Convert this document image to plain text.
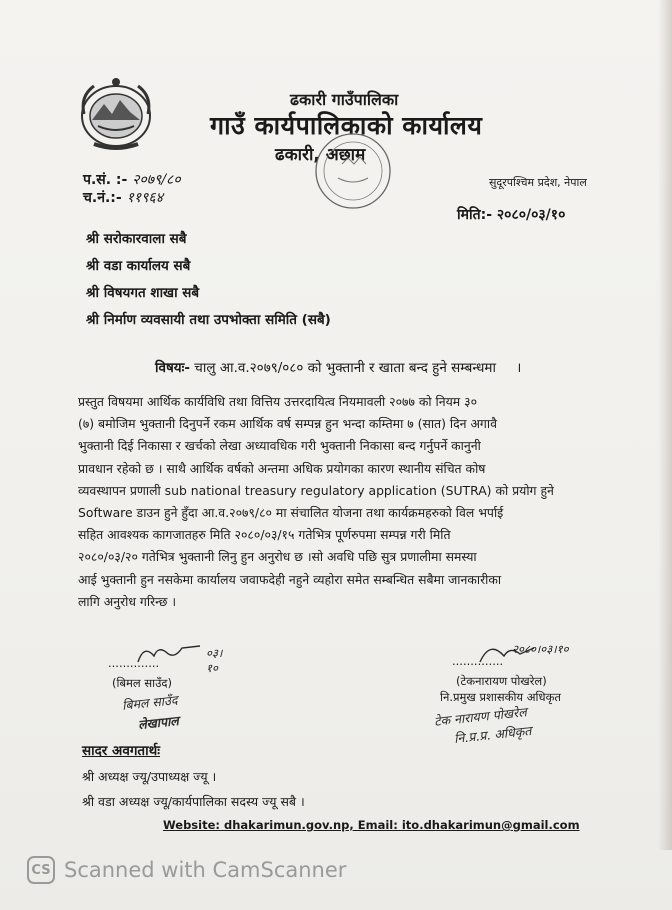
ढकारी गाउँपालिका
गाउँ कार्यपालिकाको कार्यालय
ढकारी, अछाम
प.सं. :- २०७९/८०
च.नं.:- ११९६४
सुदूरपश्चिम प्रदेश, नेपाल
मिति:- २०८०/०३/१०
श्री सरोकारवाला सबै
श्री वडा कार्यालय सबै
श्री विषयगत शाखा सबै
श्री निर्माण व्यवसायी तथा उपभोक्ता समिति (सबै)
विषयः- चालु आ.व.२०७९/०८० को भुक्तानी र खाता बन्द हुने सम्बन्धमा ।

प्रस्तुत विषयमा आर्थिक कार्यविधि तथा वित्तिय उत्तरदायित्व नियमावली २०७७ को नियम ३०

(७) बमोजिम भुक्तानी दिनुपर्ने रकम आर्थिक वर्ष सम्पन्न हुन भन्दा कम्तिमा ७ (सात) दिन अगावै

भुक्तानी दिई निकासा र खर्चको लेखा अध्यावधिक गरी भुक्तानी निकासा बन्द गर्नुपर्ने कानुनी

प्रावधान रहेको छ । साथै आर्थिक वर्षको अन्तमा अधिक प्रयोगका कारण स्थानीय संचित कोष

व्यवस्थापन प्रणाली sub national treasury regulatory application (SUTRA) को प्रयोग हुने

Software डाउन हुने हुँदा आ.व.२०७९/८० मा संचालित योजना तथा कार्यक्रमहरुको विल भर्पाई

सहित आवश्यक कागजातहरु मिति २०८०/०३/१५ गतेभित्र पूर्णरुपमा सम्पन्न गरी मिति

२०८०/०३/२० गतेभित्र भुक्तानी लिनु हुन अनुरोध छ ।सो अवधि पछि सुत्र प्रणालीमा समस्या

आई भुक्तानी हुन नसकेमा कार्यालय जवाफदेही नहुने व्यहोरा समेत सम्बन्धित सबैमा जानकारीका

लागि अनुरोध गरिन्छ ।

..............
०३।१०
(बिमल साउँद)
बिमल साउँद
लेखापाल
..............
२०८०।०३।१०
(टेकनारायण पोखरेल)
नि.प्रमुख प्रशासकीय अधिकृत
टेक नारायण पोखरेल
नि.प्र.प्र. अधिकृत
सादर अवगतार्थः
श्री अध्यक्ष ज्यू/उपाध्यक्ष ज्यू ।
श्री वडा अध्यक्ष ज्यू/कार्यपालिका सदस्य ज्यू सबै ।
Website: dhakarimun.gov.np, Email: ito.dhakarimun@gmail.com
CS Scanned with CamScanner
